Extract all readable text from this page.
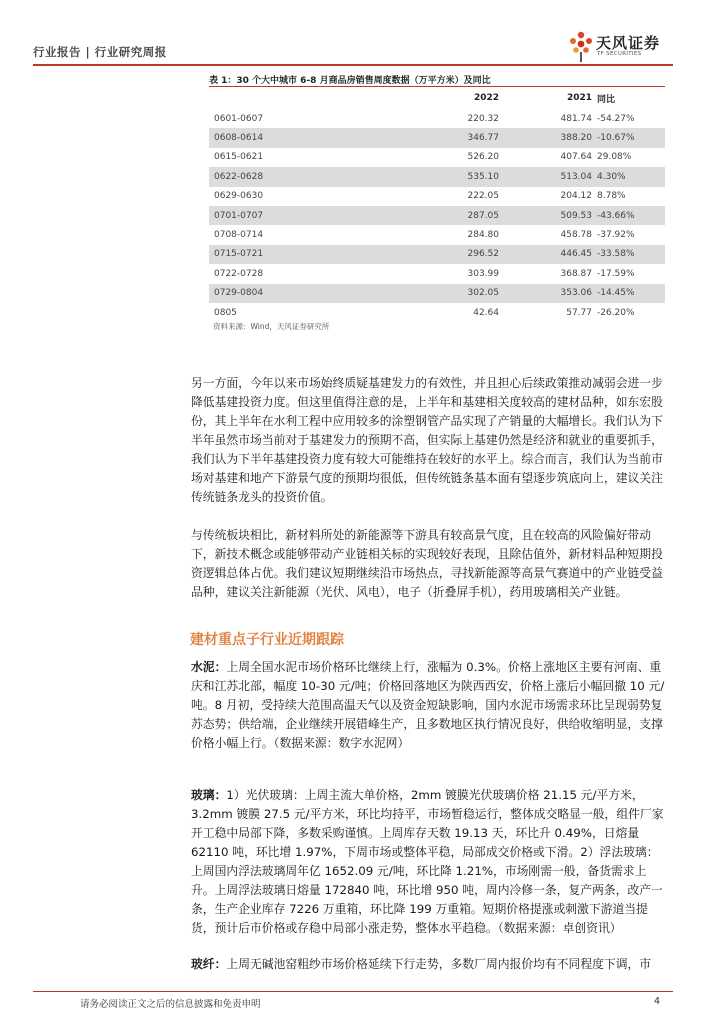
行业报告 | 行业研究周报	天风证券
TF SECURITIES
表 1：30 个大中城市 6-8 月商品房销售周度数据（万平方米）及同比
2022	2021 同比
0601-0607	220.32	481.74 -54.27%
0608-0614	346.77	388.20 -10.67%
0615-0621	526.20	407.64 29.08%
0622-0628	535.10	513.04 4.30%
0629-0630	222.05	204.12 8.78%
0701-0707	287.05	509.53 -43.66%
0708-0714	284.80	458.78 -37.92%
0715-0721	296.52	446.45 -33.58%
0722-0728	303.99	368.87 -17.59%
0729-0804	302.05	353.06 -14.45%
0805	42.64	57.77 -26.20%
资料来源：Wind，天风证券研究所
另一方面，今年以来市场始终质疑基建发力的有效性，并且担心后续政策推动减弱会进一步降低基建投资力度。但这里值得注意的是，上半年和基建相关度较高的建材品种，如东宏股份，其上半年在水利工程中应用较多的涂塑钢管产品实现了产销量的大幅增长。我们认为下半年虽然市场当前对于基建发力的预期不高，但实际上基建仍然是经济和就业的重要抓手，我们认为下半年基建投资力度有较大可能维持在较好的水平上。综合而言，我们认为当前市场对基建和地产下游景气度的预期均很低，但传统链条基本面有望逐步筑底向上，建议关注传统链条龙头的投资价值。
与传统板块相比，新材料所处的新能源等下游具有较高景气度，且在较高的风险偏好带动下，新技术概念或能够带动产业链相关标的实现较好表现，且除估值外，新材料品种短期投资逻辑总体占优。我们建议短期继续沿市场热点，寻找新能源等高景气赛道中的产业链受益品种，建议关注新能源（光伏、风电），电子（折叠屏手机），药用玻璃相关产业链。
建材重点子行业近期跟踪
水泥：上周全国水泥市场价格环比继续上行，涨幅为 0.3%。价格上涨地区主要有河南、重庆和江苏北部，幅度 10-30 元/吨；价格回落地区为陕西西安，价格上涨后小幅回撤 10 元/吨。8 月初，受持续大范围高温天气以及资金短缺影响，国内水泥市场需求环比呈现弱势复苏态势；供给端，企业继续开展错峰生产，且多数地区执行情况良好，供给收缩明显，支撑价格小幅上行。（数据来源：数字水泥网）
玻璃：1）光伏玻璃：上周主流大单价格，2mm 镀膜光伏玻璃价格 21.15 元/平方米，3.2mm 镀膜 27.5 元/平方米，环比均持平，市场暂稳运行，整体成交略显一般，组件厂家开工稳中局部下降，多数采购谨慎。上周库存天数 19.13 天，环比升 0.49%，日熔量 62110 吨，环比增 1.97%，下周市场或整体平稳，局部成交价格或下滑。2）浮法玻璃：上周国内浮法玻璃周年亿 1652.09 元/吨，环比降 1.21%，市场刚需一般，备货需求上升。上周浮法玻璃日熔量 172840 吨，环比增 950 吨，周内冷修一条，复产两条，改产一条，生产企业库存 7226 万重箱，环比降 199 万重箱。短期价格提涨或刺激下游道当提货，预计后市价格或存稳中局部小涨走势，整体水平趋稳。（数据来源：卓创资讯）
玻纤：上周无碱池窑粗纱市场价格延续下行走势，多数厂周内报价均有不同程度下调，市
请务必阅读正文之后的信息披露和免责申明	4
